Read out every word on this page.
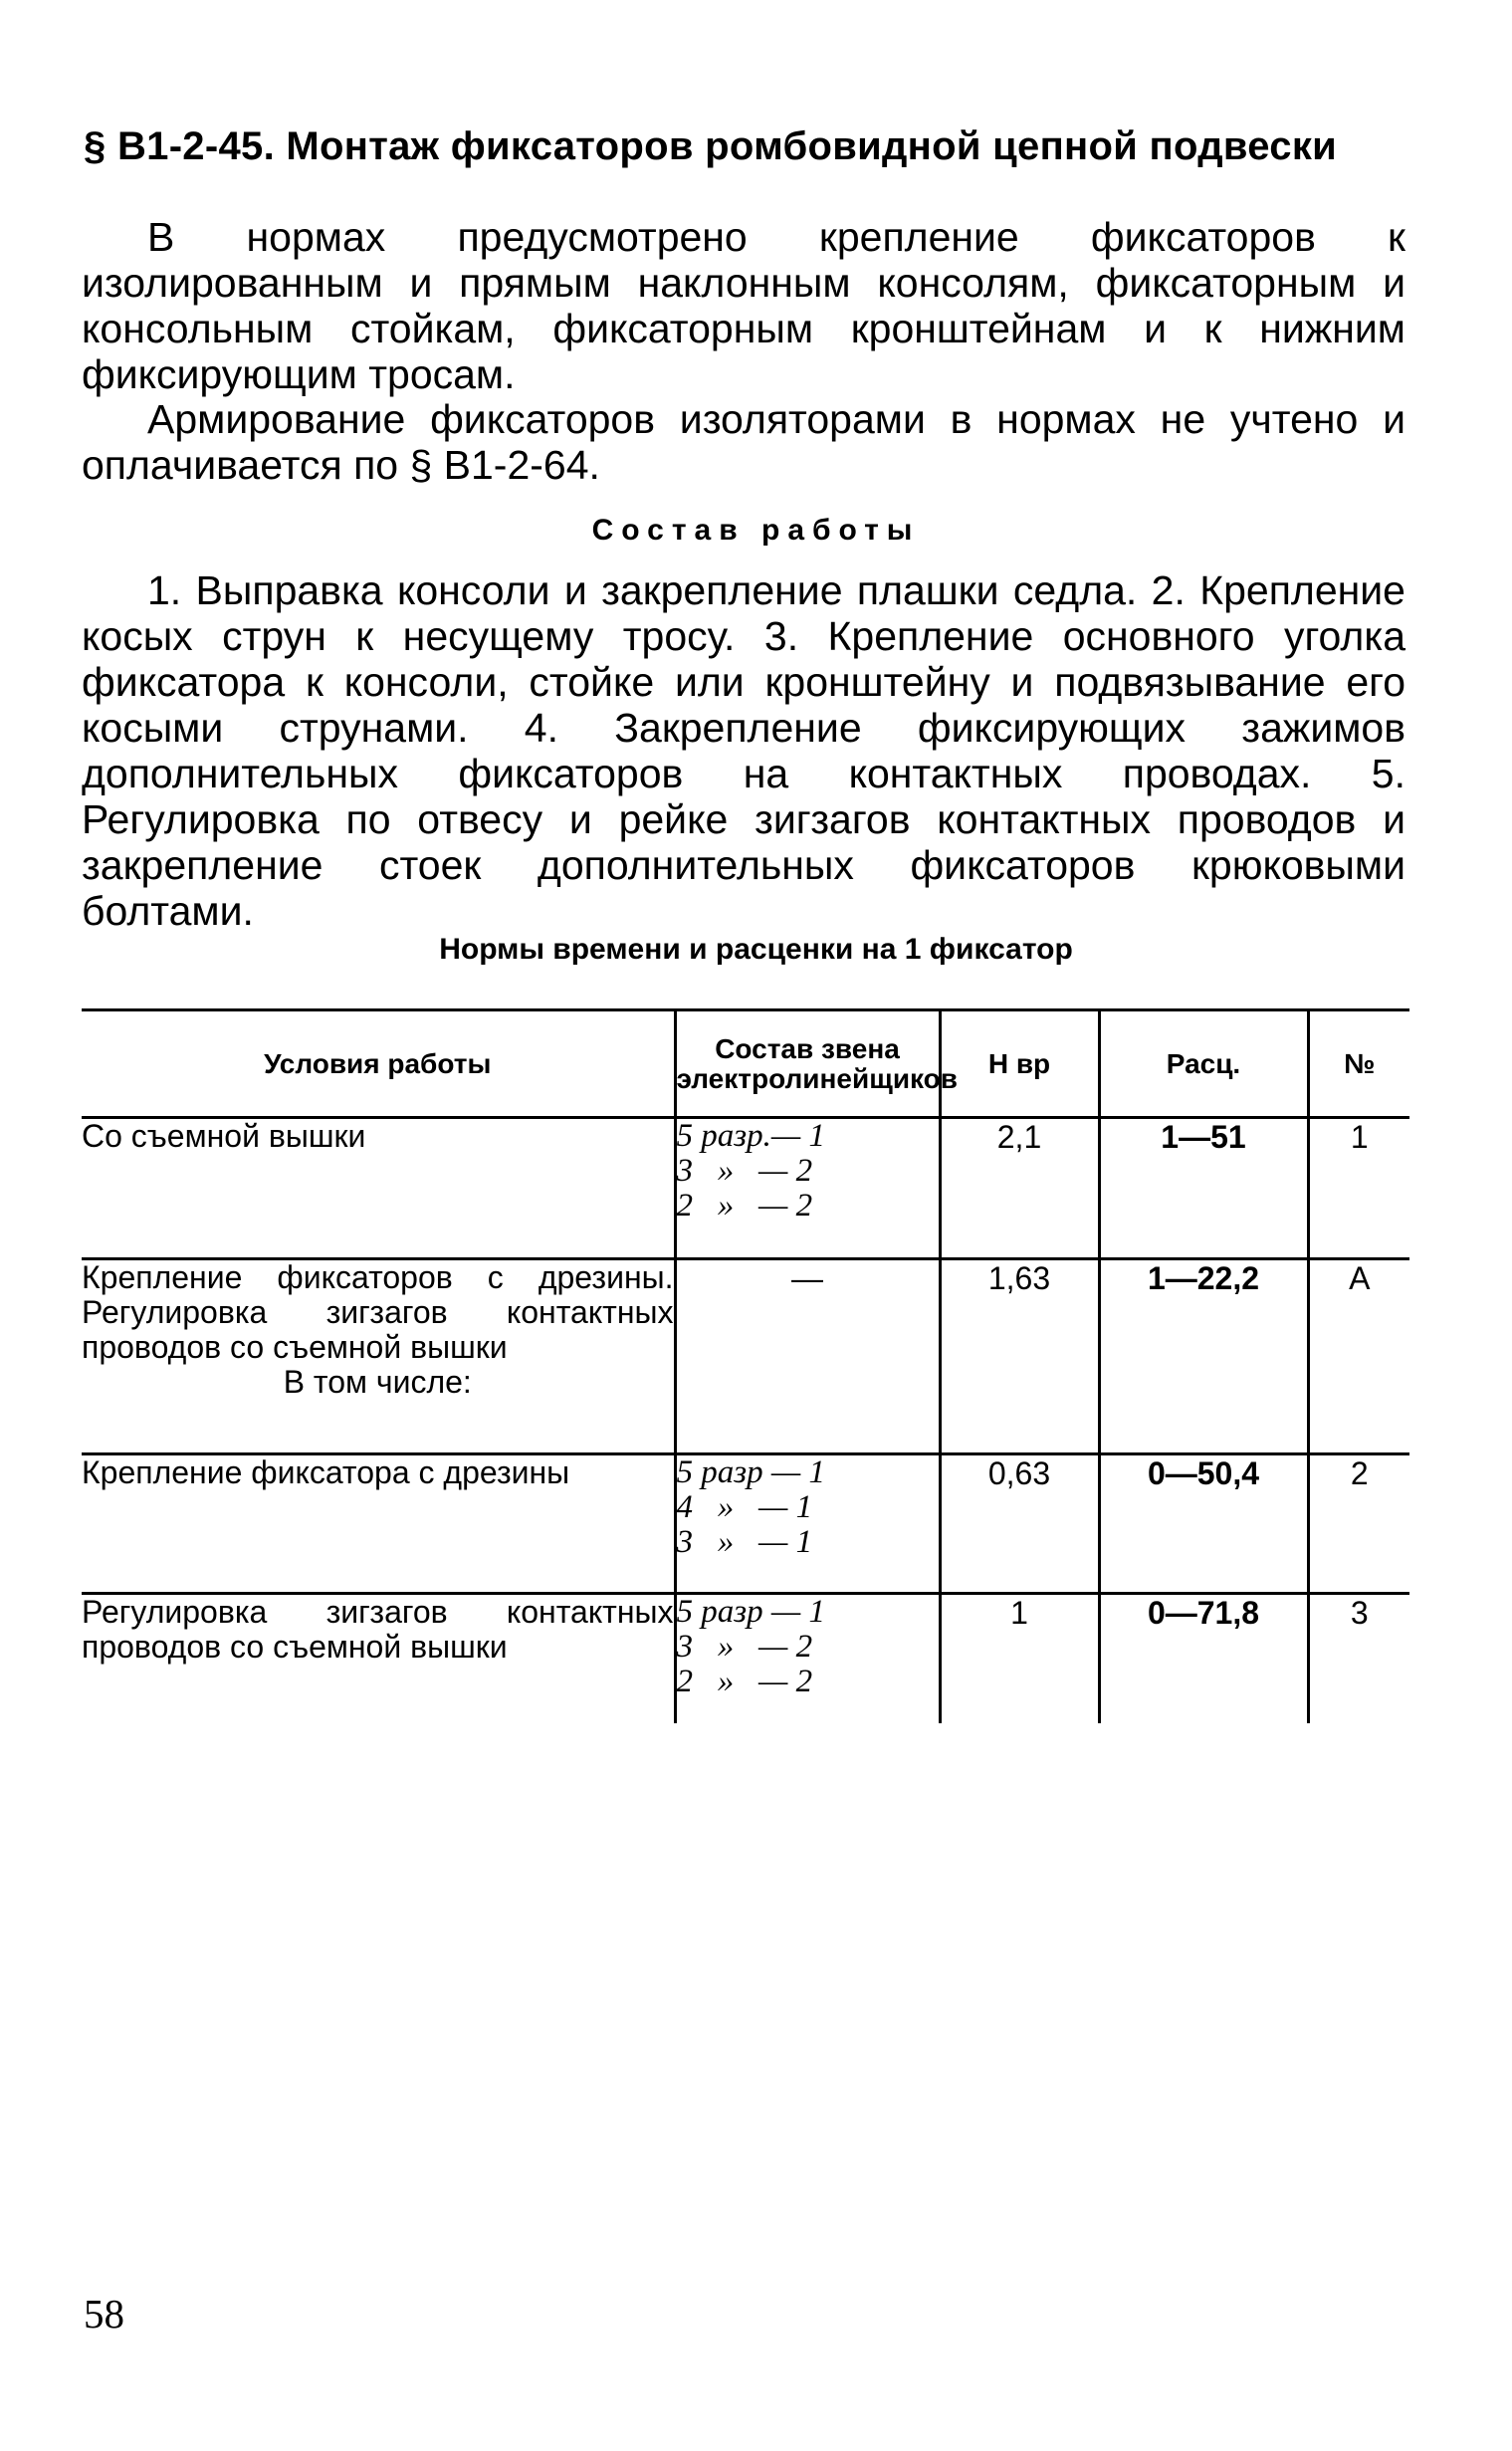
§ В1-2-45. Монтаж фиксаторов ромбовидной цепной подвески
В нормах предусмотрено крепление фиксаторов к изолированным и прямым наклонным консолям, фиксаторным и консольным стойкам, фиксаторным кронштейнам и к нижним фиксирующим тросам.
Армирование фиксаторов изоляторами в нормах не учтено и оплачивается по § В1-2-64.
Состав работы
1. Выправка консоли и закрепление плашки седла. 2. Крепление косых струн к несущему тросу. 3. Крепление основного уголка фиксатора к консоли, стойке или кронштейну и подвязывание его косыми струнами. 4. Закрепление фиксирующих зажимов дополнительных фиксаторов на контактных проводах. 5. Регулировка по отвесу и рейке зигзагов контактных проводов и закрепление стоек дополнительных фиксаторов крюковыми болтами.
Нормы времени и расценки на 1 фиксатор
Условия работы	Состав звена электролинейщиков	Н вр	Расц.	№
Со съемной вышки	5 разр.— 1
3   »   — 2
2   »   — 2	2,1	1—51	1
Крепление фиксаторов с дрезины. Регулировка зигзагов контактных проводов со съемной вышки
В том числе:	—	1,63	1—22,2	А
Крепление фиксатора с дрезины	5 разр — 1
4   »   — 1
3   »   — 1	0,63	0—50,4	2
Регулировка зигзагов контактных проводов со съемной вышки	5 разр — 1
3   »   — 2
2   »   — 2	1	0—71,8	3
58
